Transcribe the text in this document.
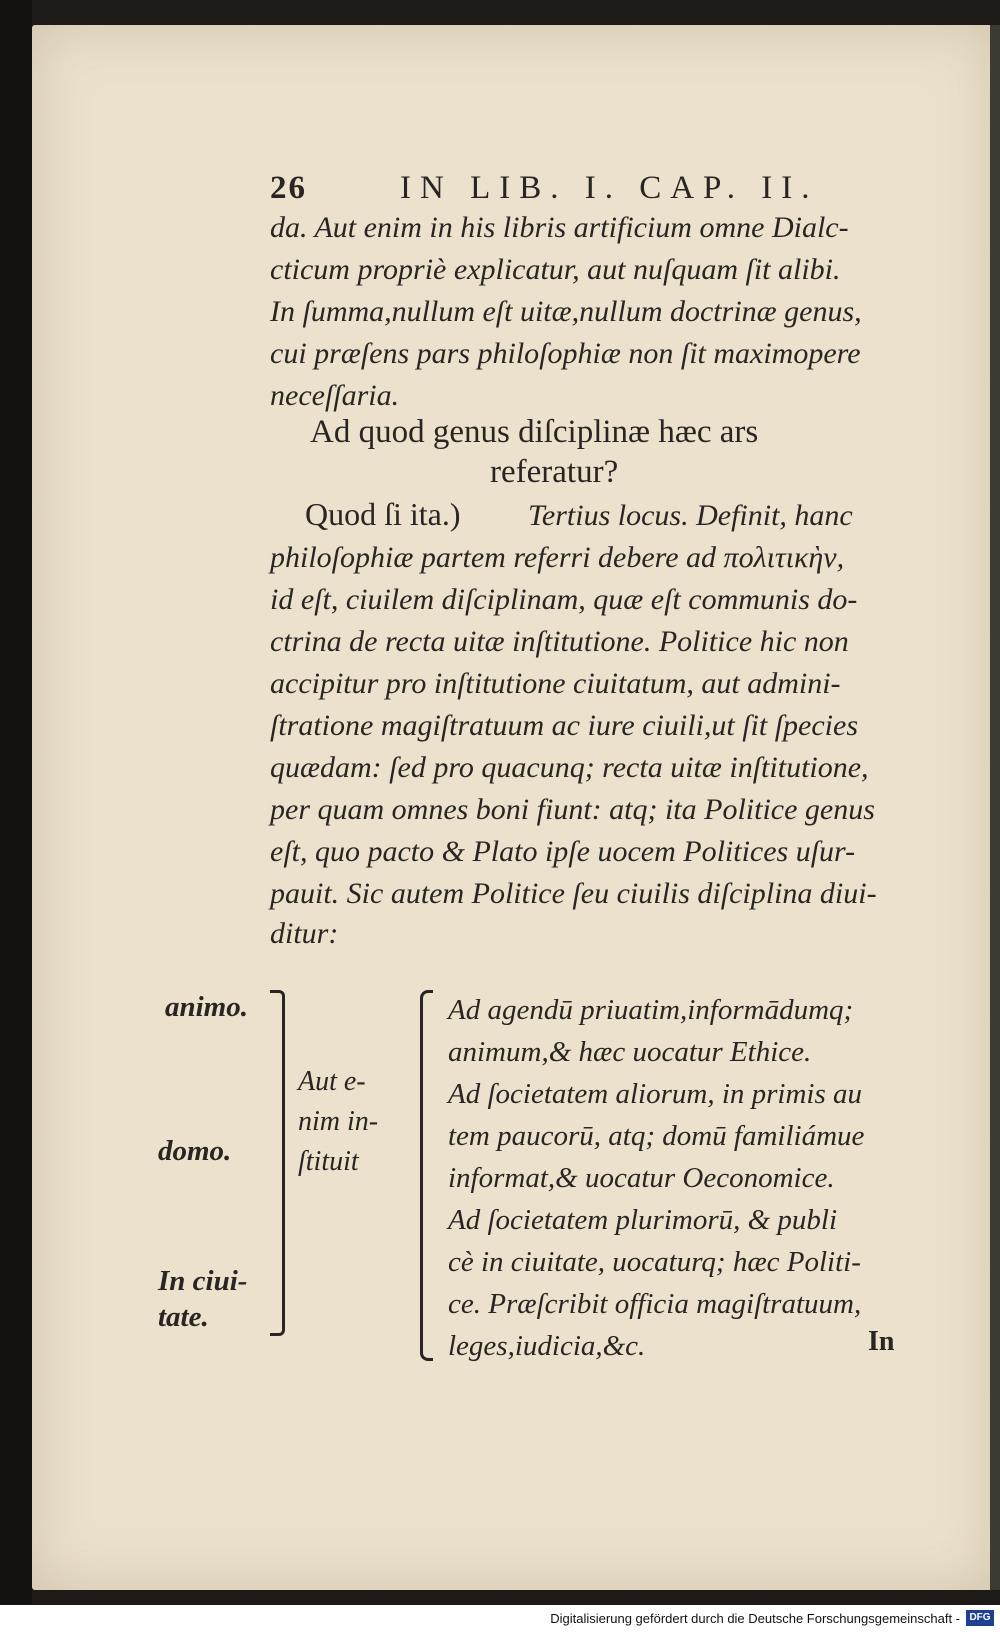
26	IN LIB. I. CAP. II.
da. Aut enim in his libris artificium omne Dialc-
cticum propriè explicatur, aut nuſquam ſit alibi.
In ſumma,nullum eſt uitæ,nullum doctrinæ genus,
cui præſens pars philoſophiæ non ſit maximopere
neceſſaria.
Ad quod genus diſciplinæ hæc ars
referatur?
Quod ſi ita.) Tertius locus. Definit, hanc
philoſophiæ partem referri debere ad πολιτικὴν,
id eſt, ciuilem diſciplinam, quæ eſt communis do-
ctrina de recta uitæ inſtitutione. Politice hic non
accipitur pro inſtitutione ciuitatum, aut admini-
ſtratione magiſtratuum ac iure ciuili,ut ſit ſpecies
quædam: ſed pro quacunq; recta uitæ inſtitutione,
per quam omnes boni fiunt: atq; ita Politice genus
eſt, quo pacto & Plato ipſe uocem Politices uſur-
pauit. Sic autem Politice ſeu ciuilis diſciplina diui-
ditur:
animo.
domo.
In ciui-
tate.
Aut e-
nim in-
ſtituit
Ad agendū priuatim,informādumq;
animum,& hæc uocatur Ethice.
Ad ſocietatem aliorum, in primis au
tem paucorū, atq; domū familiámue
informat,& uocatur Oeconomice.
Ad ſocietatem plurimorū, & publi
cè in ciuitate, uocaturq; hæc Politi-
ce. Præſcribit officia magiſtratuum,
leges,iudicia,&c.	In
Digitalisierung gefördert durch die Deutsche Forschungsgemeinschaft - DFG
